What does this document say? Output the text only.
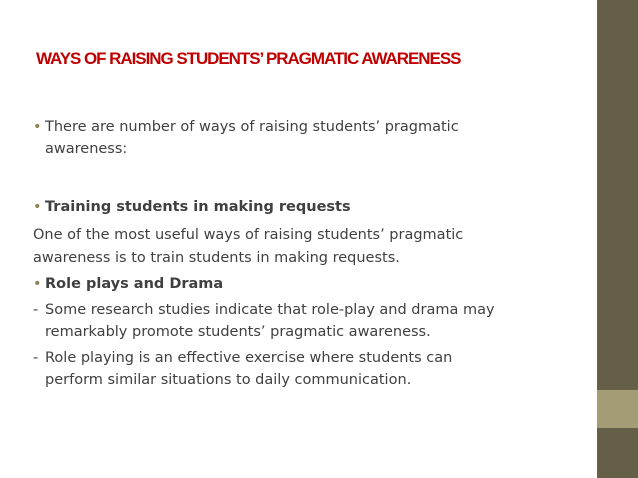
WAYS OF RAISING STUDENTS’ PRAGMATIC AWARENESS
• There are number of ways of raising students’ pragmatic
awareness:
• Training students in making requests
One of the most useful ways of raising students’ pragmatic
awareness is to train students in making requests.
• Role plays and Drama
- Some research studies indicate that role-play and drama may
remarkably promote students’ pragmatic awareness.
- Role playing is an effective exercise where students can
perform similar situations to daily communication.
